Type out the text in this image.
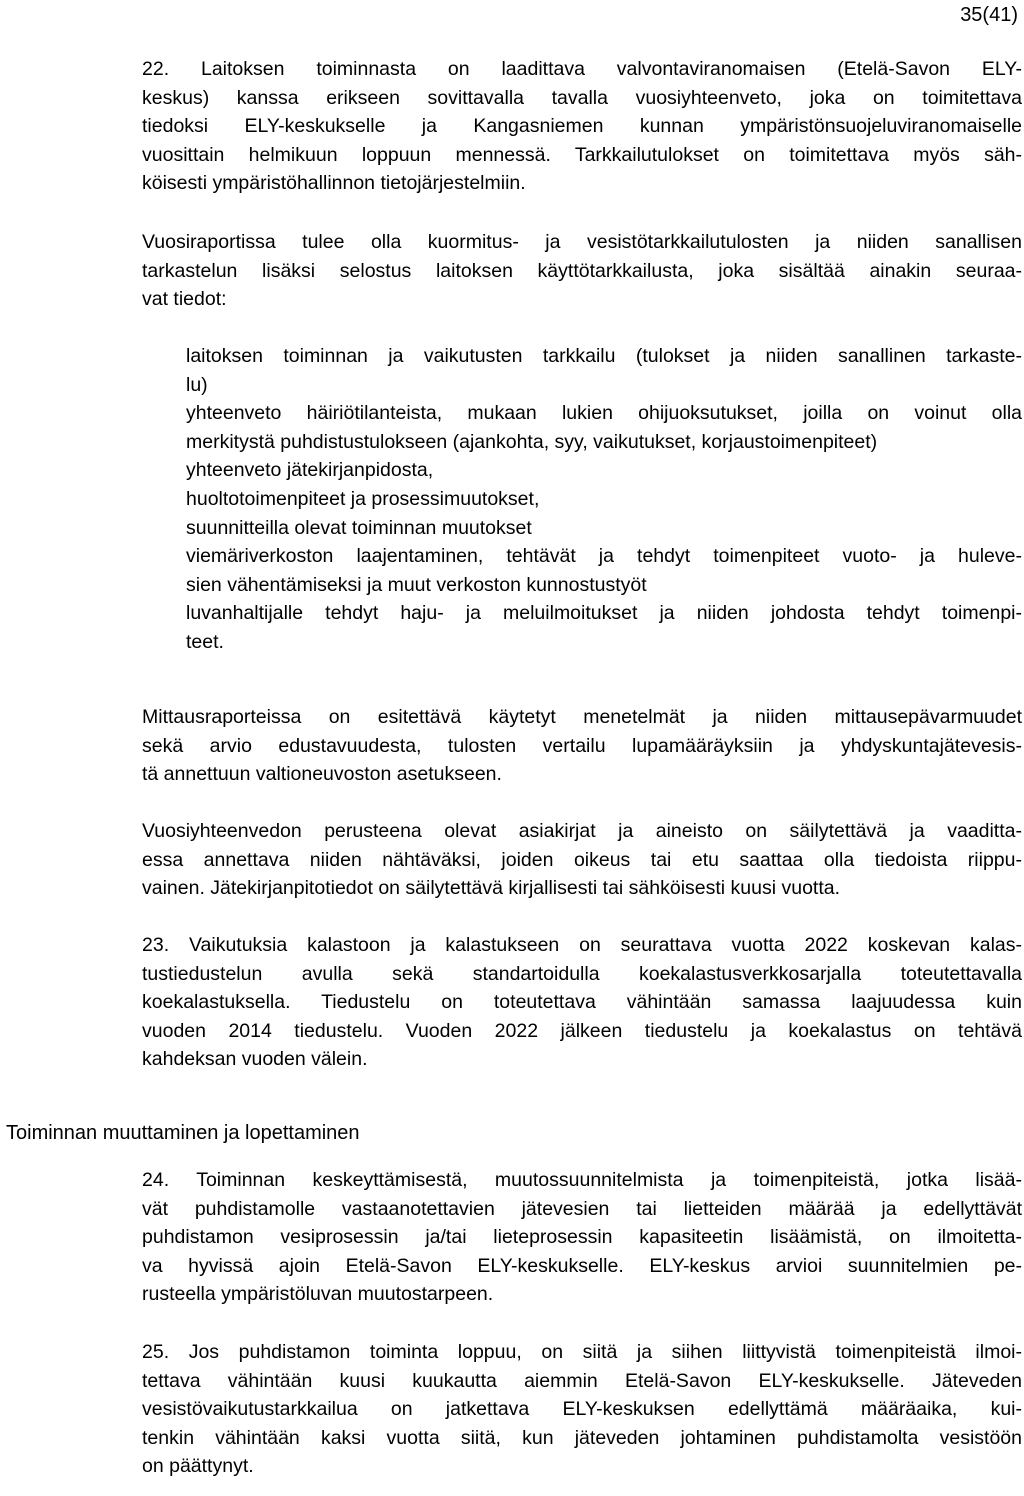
35(41)

22. Laitoksen toiminnasta on laadittava valvontaviranomaisen (Etelä-Savon ELY-
keskus) kanssa erikseen sovittavalla tavalla vuosiyhteenveto, joka on toimitettava
tiedoksi ELY-keskukselle ja Kangasniemen kunnan ympäristönsuojeluviranomaiselle
vuosittain helmikuun loppuun mennessä. Tarkkailutulokset on toimitettava myös säh-
köisesti ympäristöhallinnon tietojärjestelmiin.

Vuosiraportissa tulee olla kuormitus- ja vesistötarkkailutulosten ja niiden sanallisen
tarkastelun lisäksi selostus laitoksen käyttötarkkailusta, joka sisältää ainakin seuraa-
vat tiedot:

laitoksen toiminnan ja vaikutusten tarkkailu (tulokset ja niiden sanallinen tarkaste-
lu)
yhteenveto häiriötilanteista, mukaan lukien ohijuoksutukset, joilla on voinut olla
merkitystä puhdistustulokseen (ajankohta, syy, vaikutukset, korjaustoimenpiteet)
yhteenveto jätekirjanpidosta,
huoltotoimenpiteet ja prosessimuutokset,
suunnitteilla olevat toiminnan muutokset
viemäriverkoston laajentaminen, tehtävät ja tehdyt toimenpiteet vuoto- ja huleve-
sien vähentämiseksi ja muut verkoston kunnostustyöt
luvanhaltijalle tehdyt haju- ja meluilmoitukset ja niiden johdosta tehdyt toimenpi-
teet.

Mittausraporteissa on esitettävä käytetyt menetelmät ja niiden mittausepävarmuudet
sekä arvio edustavuudesta, tulosten vertailu lupamääräyksiin ja yhdyskuntajätevesis-
tä annettuun valtioneuvoston asetukseen.

Vuosiyhteenvedon perusteena olevat asiakirjat ja aineisto on säilytettävä ja vaaditta-
essa annettava niiden nähtäväksi, joiden oikeus tai etu saattaa olla tiedoista riippu-
vainen. Jätekirjanpitotiedot on säilytettävä kirjallisesti tai sähköisesti kuusi vuotta.

23. Vaikutuksia kalastoon ja kalastukseen on seurattava vuotta 2022 koskevan kalas-
tustiedustelun avulla sekä standartoidulla koekalastusverkkosarjalla toteutettavalla
koekalastuksella. Tiedustelu on toteutettava vähintään samassa laajuudessa kuin
vuoden 2014 tiedustelu. Vuoden 2022 jälkeen tiedustelu ja koekalastus on tehtävä
kahdeksan vuoden välein.

Toiminnan muuttaminen ja lopettaminen

24. Toiminnan keskeyttämisestä, muutossuunnitelmista ja toimenpiteistä, jotka lisää-
vät puhdistamolle vastaanotettavien jätevesien tai lietteiden määrää ja edellyttävät
puhdistamon vesiprosessin ja/tai lieteprosessin kapasiteetin lisäämistä, on ilmoitetta-
va hyvissä ajoin Etelä-Savon ELY-keskukselle. ELY-keskus arvioi suunnitelmien pe-
rusteella ympäristöluvan muutostarpeen.

25. Jos puhdistamon toiminta loppuu, on siitä ja siihen liittyvistä toimenpiteistä ilmoi-
tettava vähintään kuusi kuukautta aiemmin Etelä-Savon ELY-keskukselle. Jäteveden
vesistövaikutustarkkailua on jatkettava ELY-keskuksen edellyttämä määräaika, kui-
tenkin vähintään kaksi vuotta siitä, kun jäteveden johtaminen puhdistamolta vesistöön
on päättynyt.
